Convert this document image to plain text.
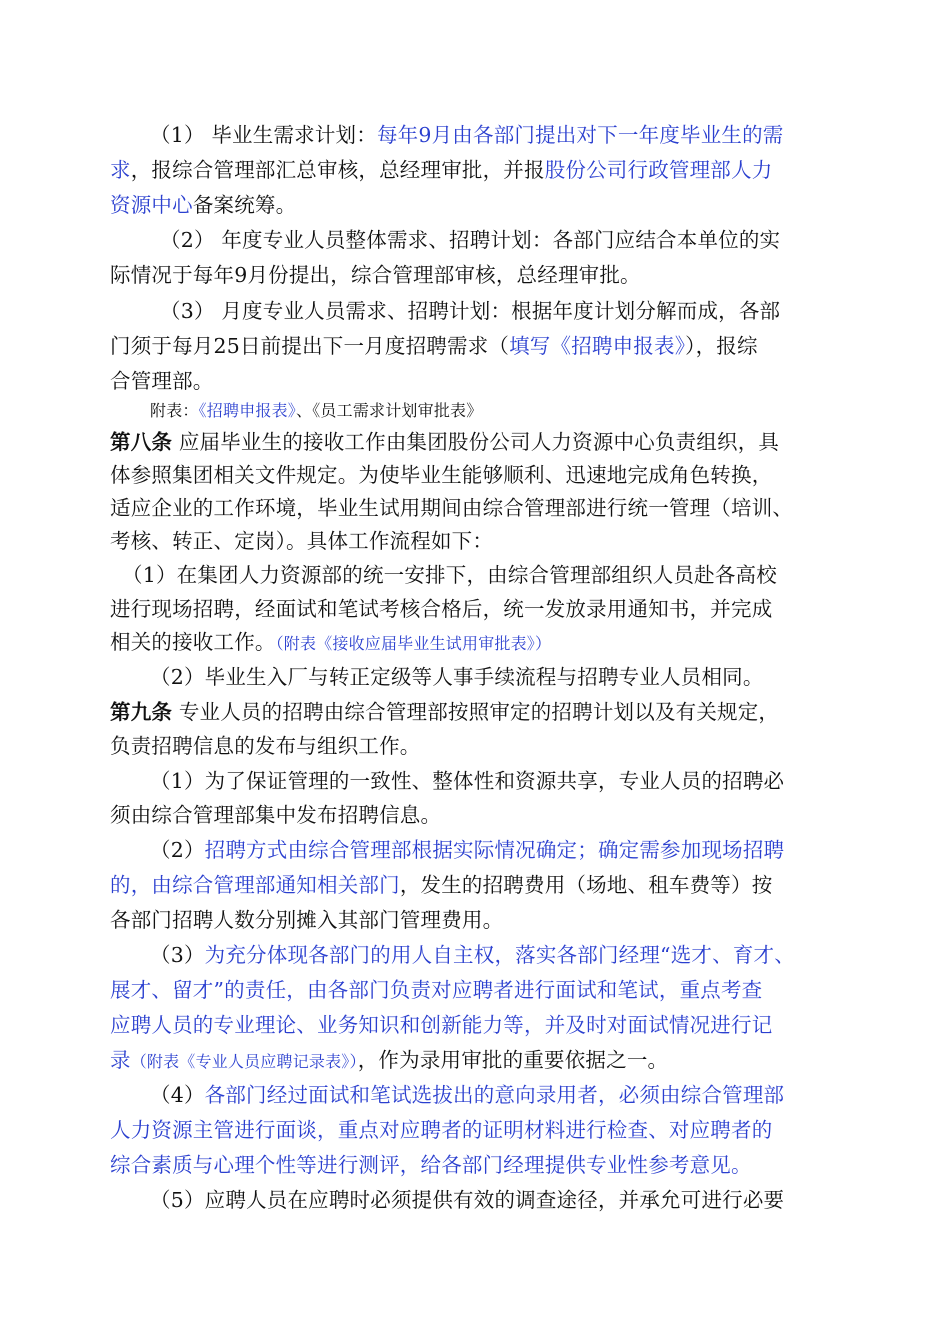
（1） 毕业生需求计划：每年9月由各部门提出对下一年度毕业生的需
求，报综合管理部汇总审核，总经理审批，并报股份公司行政管理部人力
资源中心备案统筹。
（2） 年度专业人员整体需求、招聘计划：各部门应结合本单位的实
际情况于每年9月份提出，综合管理部审核，总经理审批。
（3） 月度专业人员需求、招聘计划：根据年度计划分解而成，各部
门须于每月25日前提出下一月度招聘需求（填写《招聘申报表》），报综
合管理部。
附表：《招聘申报表》、《员工需求计划审批表》
第八条 应届毕业生的接收工作由集团股份公司人力资源中心负责组织，具
体参照集团相关文件规定。为使毕业生能够顺利、迅速地完成角色转换，
适应企业的工作环境，毕业生试用期间由综合管理部进行统一管理（培训、
考核、转正、定岗）。具体工作流程如下：
（1）在集团人力资源部的统一安排下，由综合管理部组织人员赴各高校
进行现场招聘，经面试和笔试考核合格后，统一发放录用通知书，并完成
相关的接收工作。（附表《接收应届毕业生试用审批表》）
（2）毕业生入厂与转正定级等人事手续流程与招聘专业人员相同。
第九条 专业人员的招聘由综合管理部按照审定的招聘计划以及有关规定，
负责招聘信息的发布与组织工作。
（1）为了保证管理的一致性、整体性和资源共享，专业人员的招聘必
须由综合管理部集中发布招聘信息。
（2）招聘方式由综合管理部根据实际情况确定；确定需参加现场招聘
的，由综合管理部通知相关部门，发生的招聘费用（场地、租车费等）按
各部门招聘人数分别摊入其部门管理费用。
（3）为充分体现各部门的用人自主权，落实各部门经理“选才、育才、
展才、留才”的责任，由各部门负责对应聘者进行面试和笔试，重点考查
应聘人员的专业理论、业务知识和创新能力等，并及时对面试情况进行记
录（附表《专业人员应聘记录表》），作为录用审批的重要依据之一。
（4）各部门经过面试和笔试选拔出的意向录用者，必须由综合管理部
人力资源主管进行面谈，重点对应聘者的证明材料进行检查、对应聘者的
综合素质与心理个性等进行测评，给各部门经理提供专业性参考意见。
（5）应聘人员在应聘时必须提供有效的调查途径，并承允可进行必要
